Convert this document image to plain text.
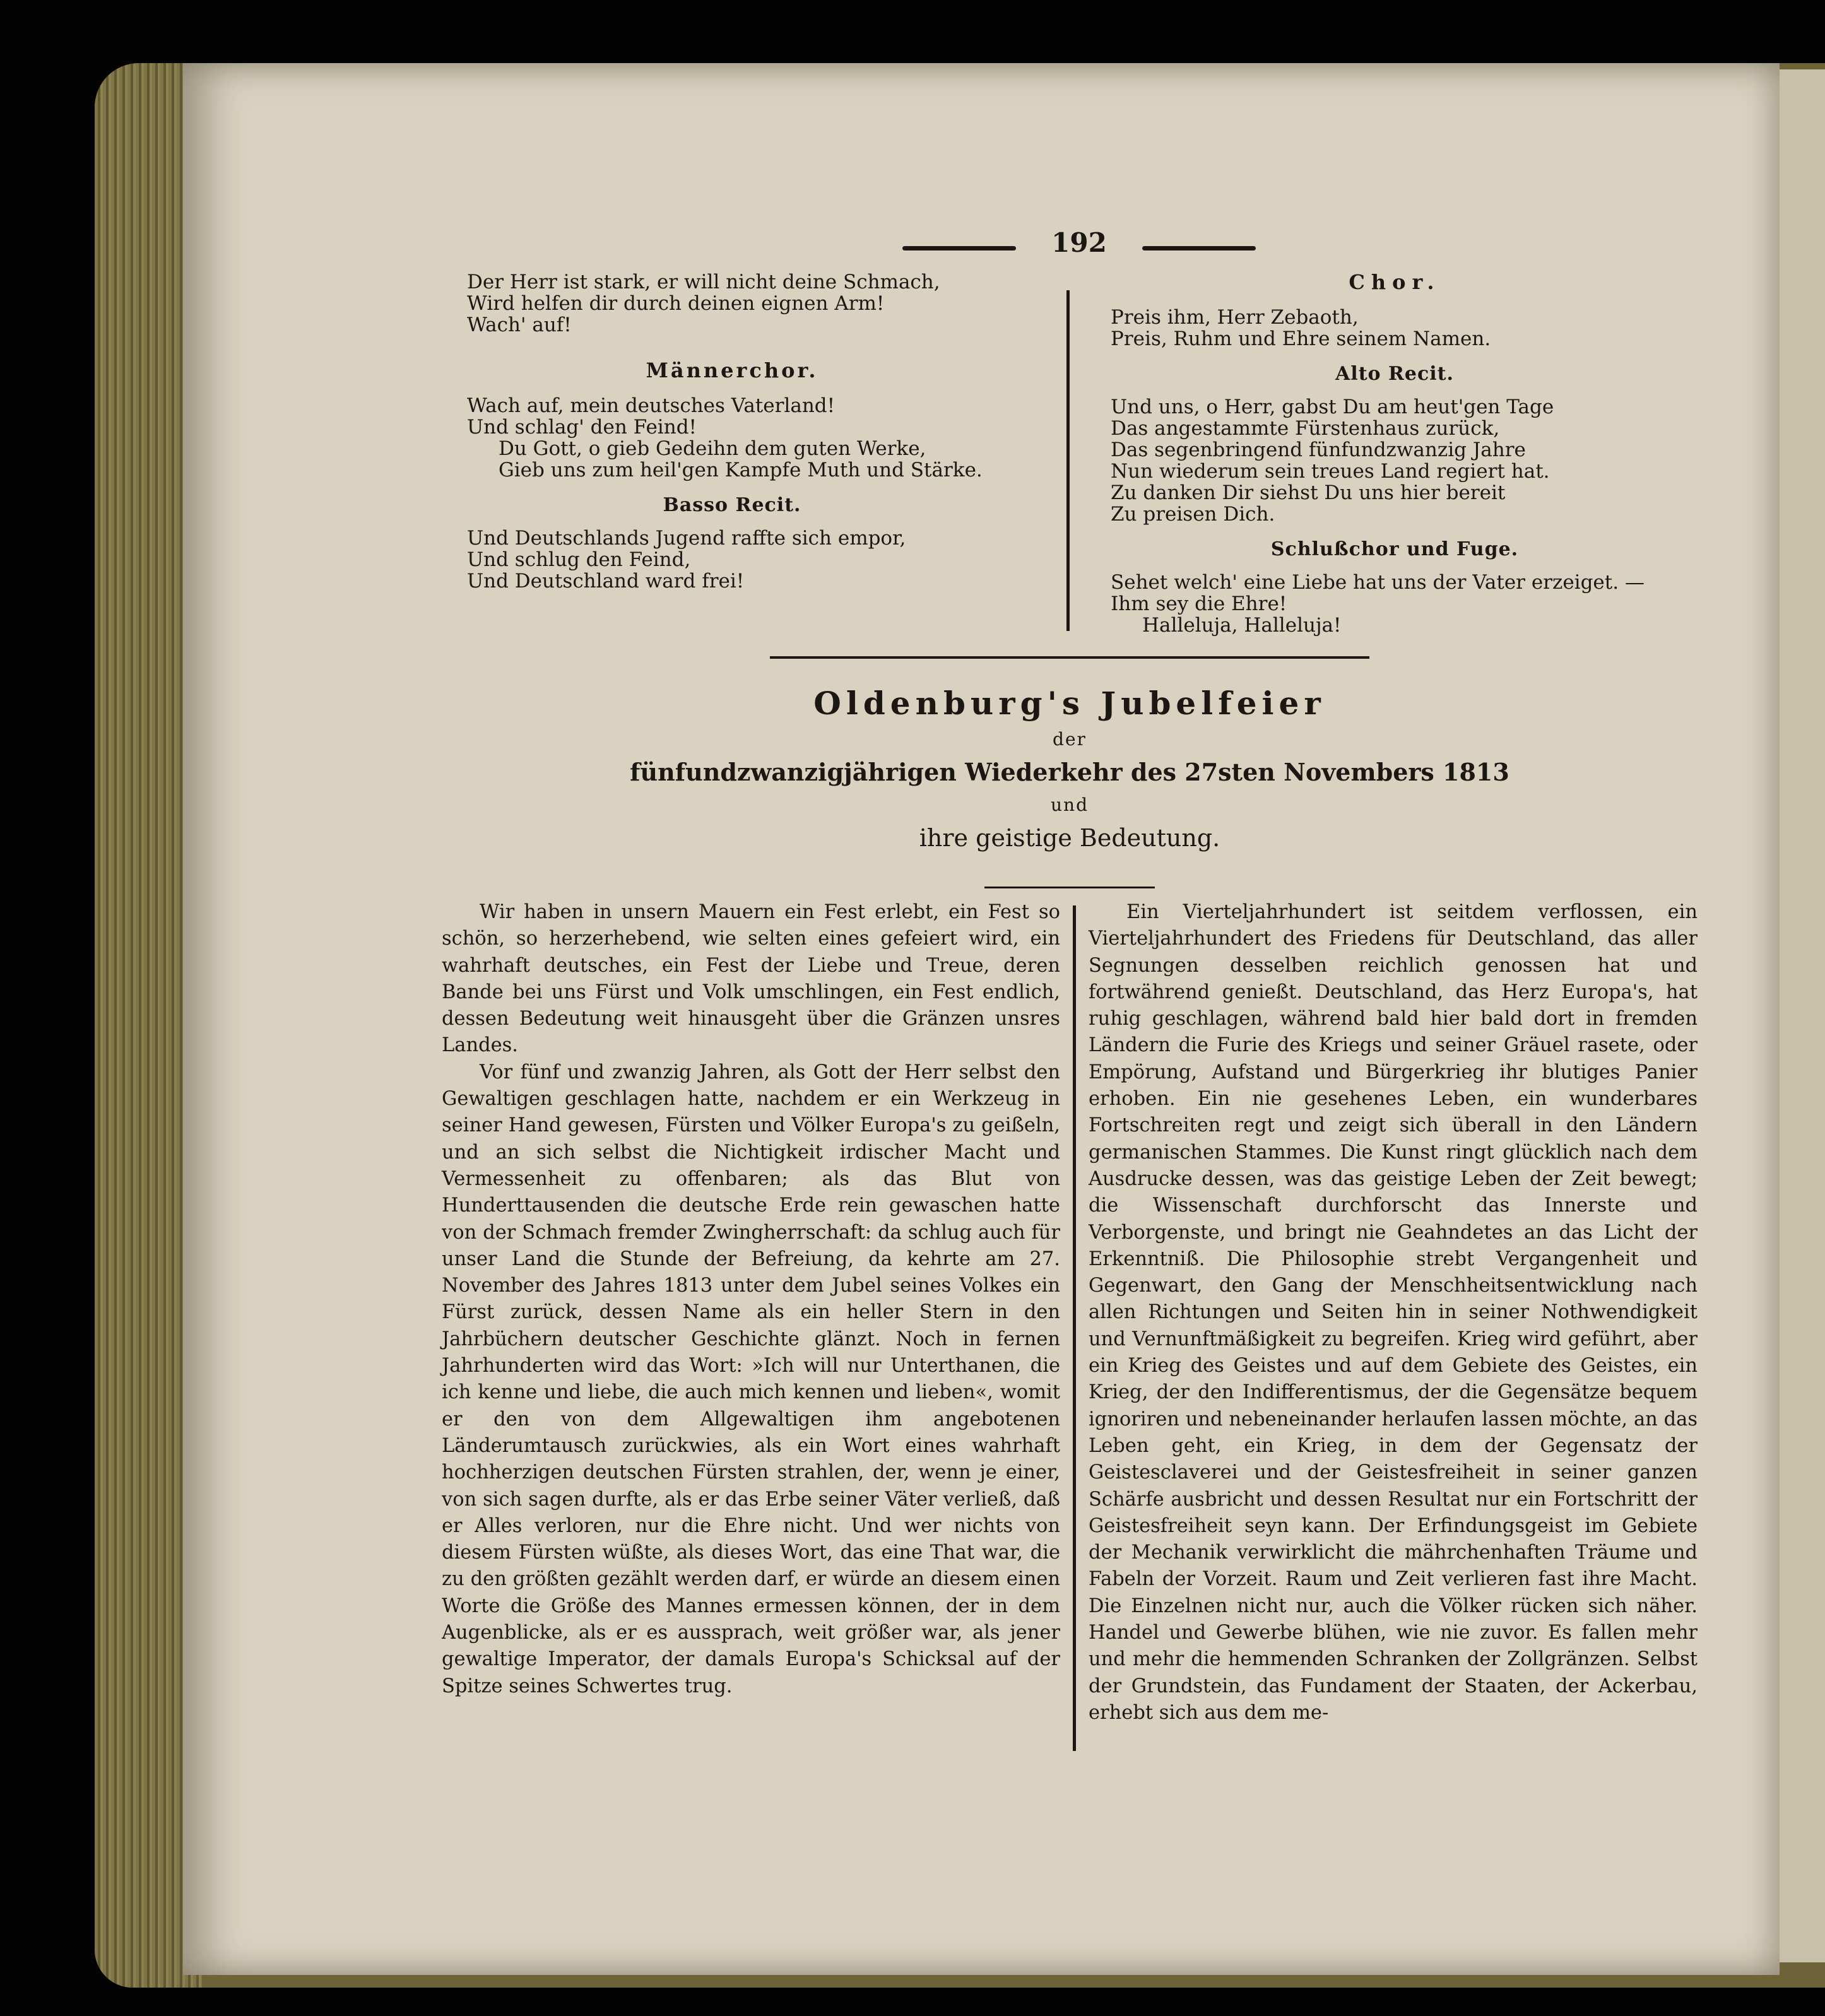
192
Der Herr ist stark, er will nicht deine Schmach,
Wird helfen dir durch deinen eignen Arm!
Wach' auf!
Männerchor.
Wach auf, mein deutsches Vaterland!
Und schlag' den Feind!
Du Gott, o gieb Gedeihn dem guten Werke,
Gieb uns zum heil'gen Kampfe Muth und Stärke.
Basso Recit.
Und Deutschlands Jugend raffte sich empor,
Und schlug den Feind,
Und Deutschland ward frei!
Chor.
Preis ihm, Herr Zebaoth,
Preis, Ruhm und Ehre seinem Namen.
Alto Recit.
Und uns, o Herr, gabst Du am heut'gen Tage
Das angestammte Fürstenhaus zurück,
Das segenbringend fünfundzwanzig Jahre
Nun wiederum sein treues Land regiert hat.
Zu danken Dir siehst Du uns hier bereit
Zu preisen Dich.
Schlußchor und Fuge.
Sehet welch' eine Liebe hat uns der Vater erzeiget. —
Ihm sey die Ehre!
Halleluja, Halleluja!
Oldenburg's Jubelfeier
der
fünfundzwanzigjährigen Wiederkehr des 27sten Novembers 1813
und
ihre geistige Bedeutung.

Wir haben in unsern Mauern ein Fest erlebt, ein Fest so schön, so herzerhebend, wie selten eines gefeiert wird, ein wahrhaft deutsches, ein Fest der Liebe und Treue, deren Bande bei uns Fürst und Volk umschlingen, ein Fest endlich, dessen Bedeutung weit hinausgeht über die Gränzen unsres Landes.

Vor fünf und zwanzig Jahren, als Gott der Herr selbst den Gewaltigen geschlagen hatte, nachdem er ein Werkzeug in seiner Hand gewesen, Fürsten und Völker Europa's zu geißeln, und an sich selbst die Nichtigkeit irdischer Macht und Vermessenheit zu offenbaren; als das Blut von Hunderttausenden die deutsche Erde rein gewaschen hatte von der Schmach fremder Zwingherrschaft: da schlug auch für unser Land die Stunde der Befreiung, da kehrte am 27. November des Jahres 1813 unter dem Jubel seines Volkes ein Fürst zurück, dessen Name als ein heller Stern in den Jahrbüchern deutscher Geschichte glänzt. Noch in fernen Jahrhunderten wird das Wort: »Ich will nur Unterthanen, die ich kenne und liebe, die auch mich kennen und lieben«, womit er den von dem Allgewaltigen ihm angebotenen Länderumtausch zurückwies, als ein Wort eines wahrhaft hochherzigen deutschen Fürsten strahlen, der, wenn je einer, von sich sagen durfte, als er das Erbe seiner Väter verließ, daß er Alles verloren, nur die Ehre nicht. Und wer nichts von diesem Fürsten wüßte, als dieses Wort, das eine That war, die zu den größten gezählt werden darf, er würde an diesem einen Worte die Größe des Mannes ermessen können, der in dem Augenblicke, als er es aussprach, weit größer war, als jener gewaltige Imperator, der damals Europa's Schicksal auf der Spitze seines Schwertes trug.

Ein Vierteljahrhundert ist seitdem verflossen, ein Vierteljahrhundert des Friedens für Deutschland, das aller Segnungen desselben reichlich genossen hat und fortwährend genießt. Deutschland, das Herz Europa's, hat ruhig geschlagen, während bald hier bald dort in fremden Ländern die Furie des Kriegs und seiner Gräuel rasete, oder Empörung, Aufstand und Bürgerkrieg ihr blutiges Panier erhoben. Ein nie gesehenes Leben, ein wunderbares Fortschreiten regt und zeigt sich überall in den Ländern germanischen Stammes. Die Kunst ringt glücklich nach dem Ausdrucke dessen, was das geistige Leben der Zeit bewegt; die Wissenschaft durchforscht das Innerste und Verborgenste, und bringt nie Geahndetes an das Licht der Erkenntniß. Die Philosophie strebt Vergangenheit und Gegenwart, den Gang der Menschheitsentwicklung nach allen Richtungen und Seiten hin in seiner Nothwendigkeit und Vernunftmäßigkeit zu begreifen. Krieg wird geführt, aber ein Krieg des Geistes und auf dem Gebiete des Geistes, ein Krieg, der den Indifferentismus, der die Gegensätze bequem ignoriren und nebeneinander herlaufen lassen möchte, an das Leben geht, ein Krieg, in dem der Gegensatz der Geistesclaverei und der Geistesfreiheit in seiner ganzen Schärfe ausbricht und dessen Resultat nur ein Fortschritt der Geistesfreiheit seyn kann. Der Erfindungsgeist im Gebiete der Mechanik verwirklicht die mährchenhaften Träume und Fabeln der Vorzeit. Raum und Zeit verlieren fast ihre Macht. Die Einzelnen nicht nur, auch die Völker rücken sich näher. Handel und Gewerbe blühen, wie nie zuvor. Es fallen mehr und mehr die hemmenden Schranken der Zollgränzen. Selbst der Grundstein, das Fundament der Staaten, der Ackerbau, erhebt sich aus dem me-
